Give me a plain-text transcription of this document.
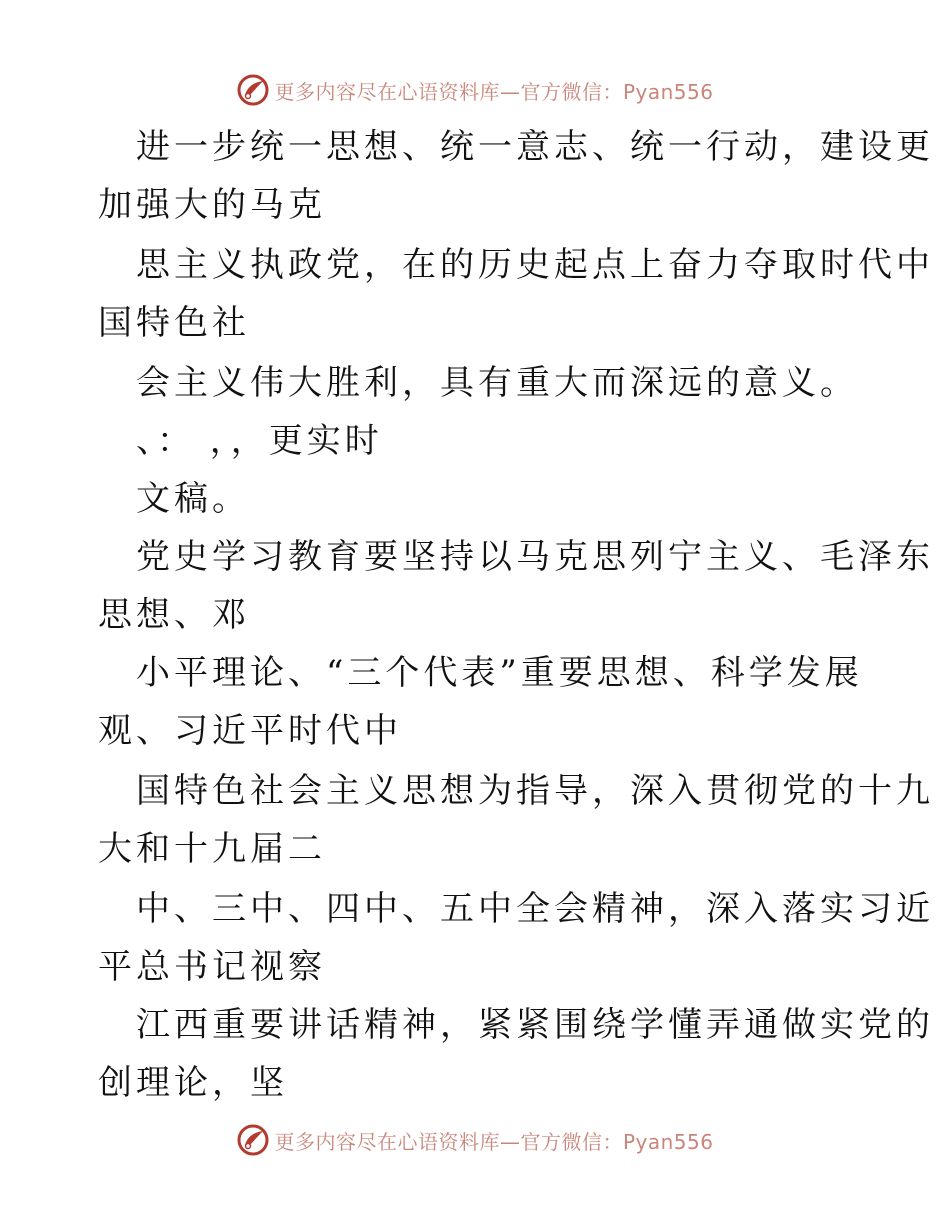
更多内容尽在心语资料库—官方微信：Pyan556
进一步统一思想、统一意志、统一行动，建设更
加强大的马克
思主义执政党，在的历史起点上奋力夺取时代中
国特色社
会主义伟大胜利，具有重大而深远的意义。
、： ，，更实时
文稿。
党史学习教育要坚持以马克思列宁主义、毛泽东
思想、邓
小平理论、“三个代表”重要思想、科学发展
观、习近平时代中
国特色社会主义思想为指导，深入贯彻党的十九
大和十九届二
中、三中、四中、五中全会精神，深入落实习近
平总书记视察
江西重要讲话精神，紧紧围绕学懂弄通做实党的
创理论，坚
更多内容尽在心语资料库—官方微信：Pyan556
